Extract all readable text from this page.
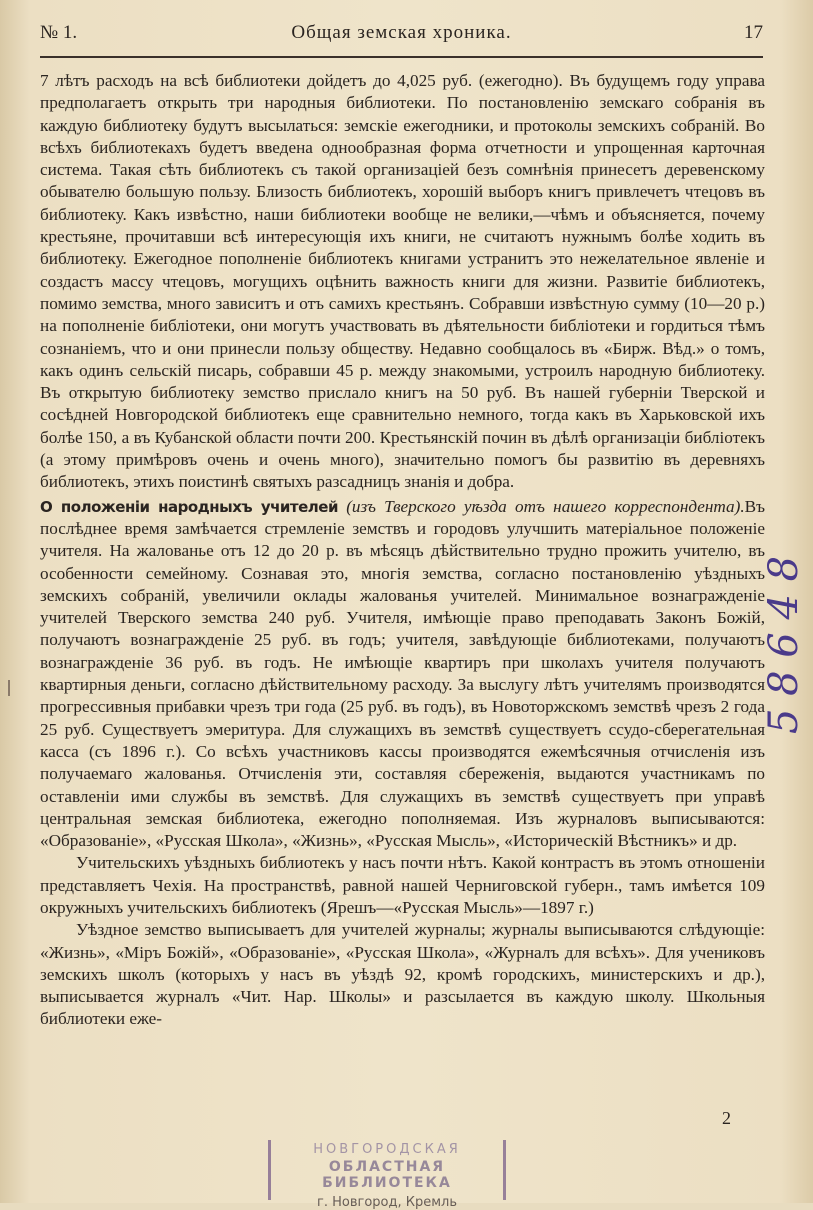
№ 1.	Общая земская хроника.	17

7 лѣтъ расходъ на всѣ библиотеки дойдетъ до 4,025 руб. (ежегодно). Въ будущемъ году управа предполагаетъ открыть три народныя библиотеки. По постановленію земскаго собранія въ каждую библиотеку будутъ высылаться: земскіе ежегодники, и протоколы земскихъ собраній. Во всѣхъ библиотекахъ будетъ введена однообразная форма отчетности и упрощенная карточная система. Такая сѣть библиотекъ съ такой организаціей безъ сомнѣнія принесетъ деревенскому обывателю большую пользу. Близость библиотекъ, хорошій выборъ книгъ привлечетъ чтецовъ въ библиотеку. Какъ извѣстно, наши библиотеки вообще не велики,—чѣмъ и объясняется, почему крестьяне, прочитавши всѣ интересующія ихъ книги, не считаютъ нужнымъ болѣе ходить въ библиотеку. Ежегодное пополненіе библиотекъ книгами устранитъ это нежелательное явленіе и создастъ массу чтецовъ, могущихъ оцѣнить важность книги для жизни. Развитіе библиотекъ, помимо земства, много зависитъ и отъ самихъ крестьянъ. Собравши извѣстную сумму (10—20 р.) на пополненіе библіотеки, они могутъ участвовать въ дѣятельности библіотеки и гордиться тѣмъ сознаніемъ, что и они принесли пользу обществу. Недавно сообщалось въ «Бирж. Вѣд.» о томъ, какъ одинъ сельскій писарь, собравши 45 р. между знакомыми, устроилъ народную библиотеку. Въ открытую библиотеку земство прислало книгъ на 50 руб. Въ нашей губерніи Тверской и сосѣдней Новгородской библиотекъ еще сравнительно немного, тогда какъ въ Харьковской ихъ болѣе 150, а въ Кубанской области почти 200. Крестьянскій почин въ дѣлѣ организаціи библіотекъ (а этому примѣровъ очень и очень много), значительно помогъ бы развитію въ деревняхъ библиотекъ, этихъ поистинѣ святыхъ разсадницъ знанія и добра.

О положеніи народныхъ учителей (изъ Тверского уѣзда отъ нашего корреспондента).Въ послѣднее время замѣчается стремленіе земствъ и городовъ улучшить матеріальное положеніе учителя. На жалованье отъ 12 до 20 р. въ мѣсяцъ дѣйствительно трудно прожить учителю, въ особенности семейному. Сознавая это, многія земства, согласно постановленію уѣздныхъ земскихъ собраній, увеличили оклады жалованья учителей. Минимальное вознагражденіе учителей Тверского земства 240 руб. Учителя, имѣющіе право преподавать Законъ Божій, получаютъ вознагражденіе 25 руб. въ годъ; учителя, завѣдующіе библиотеками, получаютъ вознагражденіе 36 руб. въ годъ. Не имѣющіе квартиръ при школахъ учителя получаютъ квартирныя деньги, согласно дѣйствительному расходу. За выслугу лѣтъ учителямъ производятся прогрессивныя прибавки чрезъ три года (25 руб. въ годъ), въ Новоторжскомъ земствѣ чрезъ 2 года 25 руб. Существуетъ эмеритура. Для служащихъ въ земствѣ существуетъ ссудо-сберегательная касса (съ 1896 г.). Со всѣхъ участниковъ кассы производятся ежемѣсячныя отчисленія изъ получаемаго жалованья. Отчисленія эти, составляя сбереженія, выдаются участникамъ по оставленіи ими службы въ земствѣ. Для служащихъ въ земствѣ существуетъ при управѣ центральная земская библиотека, ежегодно пополняемая. Изъ журналовъ выписываются: «Образованіе», «Русская Школа», «Жизнь», «Русская Мысль», «Историческій Вѣстникъ» и др.

Учительскихъ уѣздныхъ библиотекъ у насъ почти нѣтъ. Какой контрастъ въ этомъ отношеніи представляетъ Чехія. На пространствѣ, равной нашей Черниговской губерн., тамъ имѣется 109 окружныхъ учительскихъ библиотекъ (Ярешъ—«Русская Мысль»—1897 г.)

Уѣздное земство выписываетъ для учителей журналы; журналы выписываются слѣдующіе: «Жизнь», «Міръ Божій», «Образованіе», «Русская Школа», «Журналъ для всѣхъ». Для учениковъ земскихъ школъ (которыхъ у насъ въ уѣздѣ 92, кромѣ городскихъ, министерскихъ и др.), выписывается журналъ «Чит. Нар. Школы» и разсылается въ каждую школу. Школьныя библиотеки еже-

2
5 8 6 4 8
НОВГОРОДСКАЯ
ОБЛАСТНАЯ БИБЛИОТЕКА
г. Новгород, Кремль
